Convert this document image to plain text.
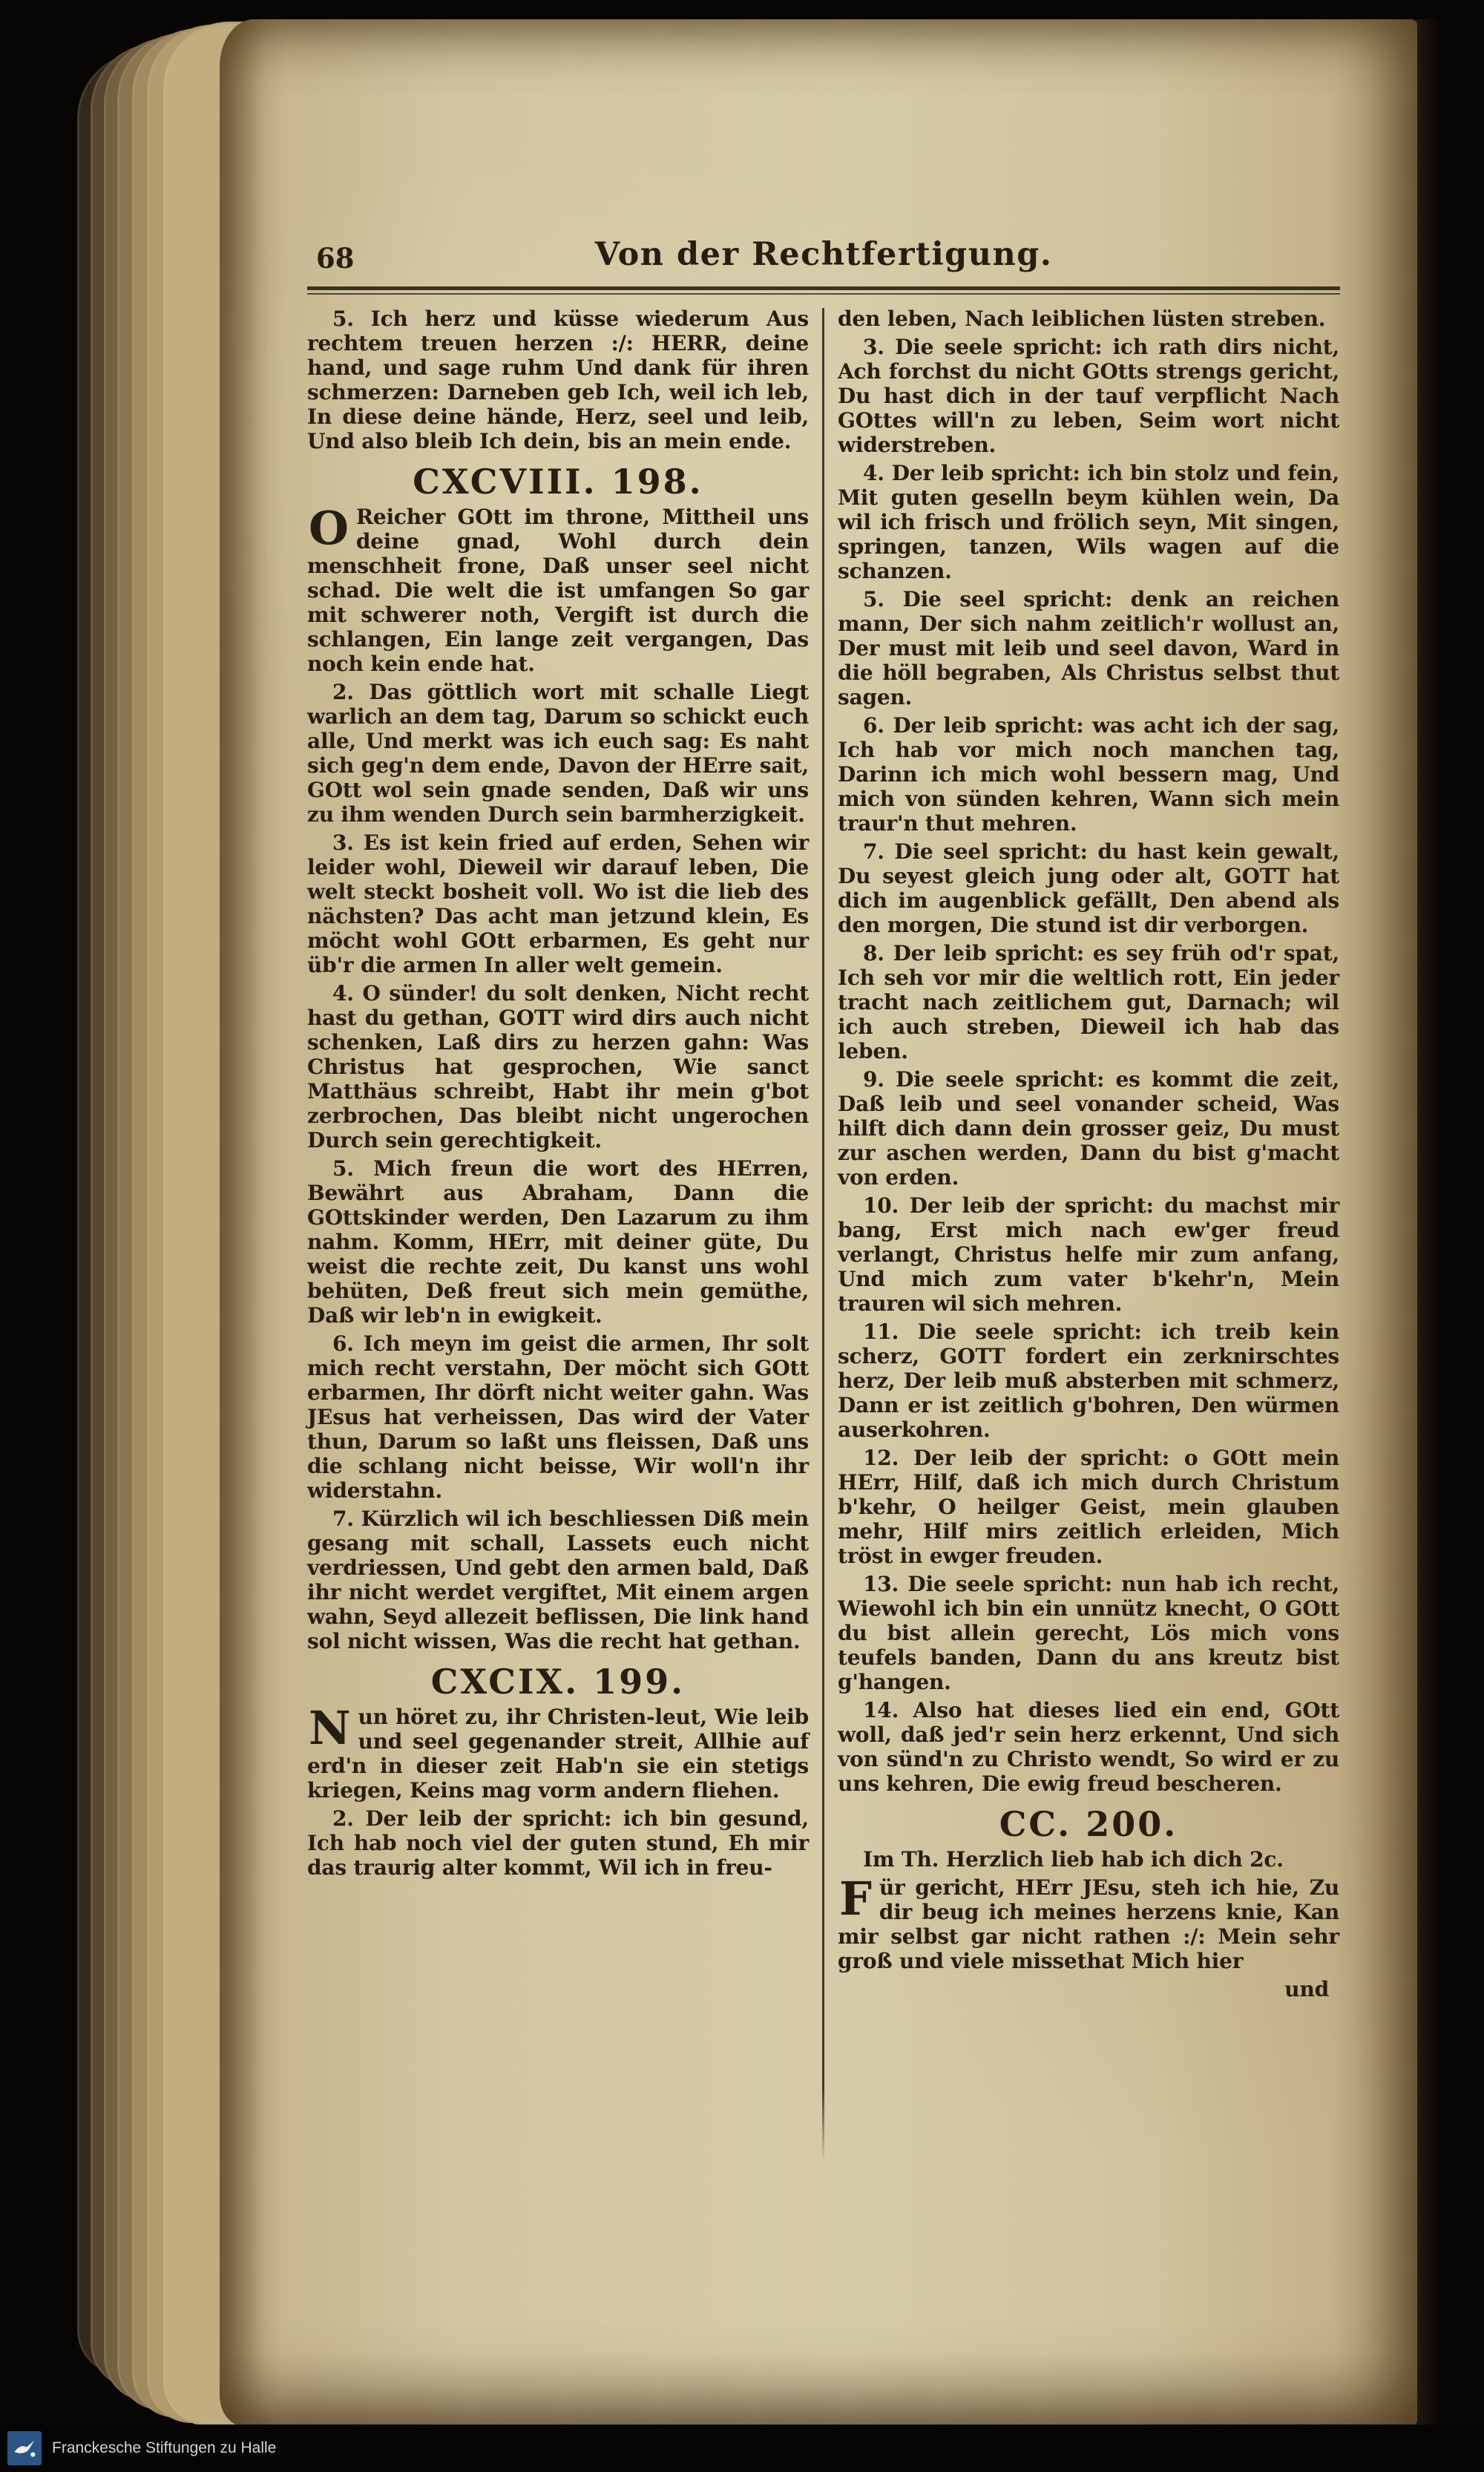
68	Von der Rechtfertigung.

5. Ich herz und küsse wiederum Aus rechtem treuen herzen :/: HERR, deine hand, und sage ruhm Und dank für ihren schmerzen: Darneben geb Ich, weil ich leb, In diese deine hände, Herz, seel und leib, Und also bleib Ich dein, bis an mein ende.

CXCVIII. 198.

O Reicher GOtt im throne, Mittheil uns deine gnad, Wohl durch dein menschheit frone, Daß unser seel nicht schad. Die welt die ist umfangen So gar mit schwerer noth, Vergift ist durch die schlangen, Ein lange zeit vergangen, Das noch kein ende hat.

2. Das göttlich wort mit schalle Liegt warlich an dem tag, Darum so schickt euch alle, Und merkt was ich euch sag: Es naht sich geg'n dem ende, Davon der HErre sait, GOtt wol sein gnade senden, Daß wir uns zu ihm wenden Durch sein barmherzigkeit.

3. Es ist kein fried auf erden, Sehen wir leider wohl, Dieweil wir darauf leben, Die welt steckt bosheit voll. Wo ist die lieb des nächsten? Das acht man jetzund klein, Es möcht wohl GOtt erbarmen, Es geht nur üb'r die armen In aller welt gemein.

4. O sünder! du solt denken, Nicht recht hast du gethan, GOTT wird dirs auch nicht schenken, Laß dirs zu herzen gahn: Was Christus hat gesprochen, Wie sanct Matthäus schreibt, Habt ihr mein g'bot zerbrochen, Das bleibt nicht ungerochen Durch sein gerechtigkeit.

5. Mich freun die wort des HErren, Bewährt aus Abraham, Dann die GOttskinder werden, Den Lazarum zu ihm nahm. Komm, HErr, mit deiner güte, Du weist die rechte zeit, Du kanst uns wohl behüten, Deß freut sich mein gemüthe, Daß wir leb'n in ewigkeit.

6. Ich meyn im geist die armen, Ihr solt mich recht verstahn, Der möcht sich GOtt erbarmen, Ihr dörft nicht weiter gahn. Was JEsus hat verheissen, Das wird der Vater thun, Darum so laßt uns fleissen, Daß uns die schlang nicht beisse, Wir woll'n ihr widerstahn.

7. Kürzlich wil ich beschliessen Diß mein gesang mit schall, Lassets euch nicht verdriessen, Und gebt den armen bald, Daß ihr nicht werdet vergiftet, Mit einem argen wahn, Seyd allezeit beflissen, Die link hand sol nicht wissen, Was die recht hat gethan.

CXCIX. 199.

Nun höret zu, ihr Christen-leut, Wie leib und seel gegenander streit, Allhie auf erd'n in dieser zeit Hab'n sie ein stetigs kriegen, Keins mag vorm andern fliehen.

2. Der leib der spricht: ich bin gesund, Ich hab noch viel der guten stund, Eh mir das traurig alter kommt, Wil ich in freu-

den leben, Nach leiblichen lüsten streben.

3. Die seele spricht: ich rath dirs nicht, Ach forchst du nicht GOtts strengs gericht, Du hast dich in der tauf verpflicht Nach GOttes will'n zu leben, Seim wort nicht widerstreben.

4. Der leib spricht: ich bin stolz und fein, Mit guten geselln beym kühlen wein, Da wil ich frisch und frölich seyn, Mit singen, springen, tanzen, Wils wagen auf die schanzen.

5. Die seel spricht: denk an reichen mann, Der sich nahm zeitlich'r wollust an, Der must mit leib und seel davon, Ward in die höll begraben, Als Christus selbst thut sagen.

6. Der leib spricht: was acht ich der sag, Ich hab vor mich noch manchen tag, Darinn ich mich wohl bessern mag, Und mich von sünden kehren, Wann sich mein traur'n thut mehren.

7. Die seel spricht: du hast kein gewalt, Du seyest gleich jung oder alt, GOTT hat dich im augenblick gefällt, Den abend als den morgen, Die stund ist dir verborgen.

8. Der leib spricht: es sey früh od'r spat, Ich seh vor mir die weltlich rott, Ein jeder tracht nach zeitlichem gut, Darnach; wil ich auch streben, Dieweil ich hab das leben.

9. Die seele spricht: es kommt die zeit, Daß leib und seel vonander scheid, Was hilft dich dann dein grosser geiz, Du must zur aschen werden, Dann du bist g'macht von erden.

10. Der leib der spricht: du machst mir bang, Erst mich nach ew'ger freud verlangt, Christus helfe mir zum anfang, Und mich zum vater b'kehr'n, Mein trauren wil sich mehren.

11. Die seele spricht: ich treib kein scherz, GOTT fordert ein zerknirschtes herz, Der leib muß absterben mit schmerz, Dann er ist zeitlich g'bohren, Den würmen auserkohren.

12. Der leib der spricht: o GOtt mein HErr, Hilf, daß ich mich durch Christum b'kehr, O heilger Geist, mein glauben mehr, Hilf mirs zeitlich erleiden, Mich tröst in ewger freuden.

13. Die seele spricht: nun hab ich recht, Wiewohl ich bin ein unnütz knecht, O GOtt du bist allein gerecht, Lös mich vons teufels banden, Dann du ans kreutz bist g'hangen.

14. Also hat dieses lied ein end, GOtt woll, daß jed'r sein herz erkennt, Und sich von sünd'n zu Christo wendt, So wird er zu uns kehren, Die ewig freud bescheren.

CC. 200.

Im Th. Herzlich lieb hab ich dich 2c.

Für gericht, HErr JEsu, steh ich hie, Zu dir beug ich meines herzens knie, Kan mir selbst gar nicht rathen :/: Mein sehr groß und viele missethat Mich hier

und
Franckesche Stiftungen zu Halle
